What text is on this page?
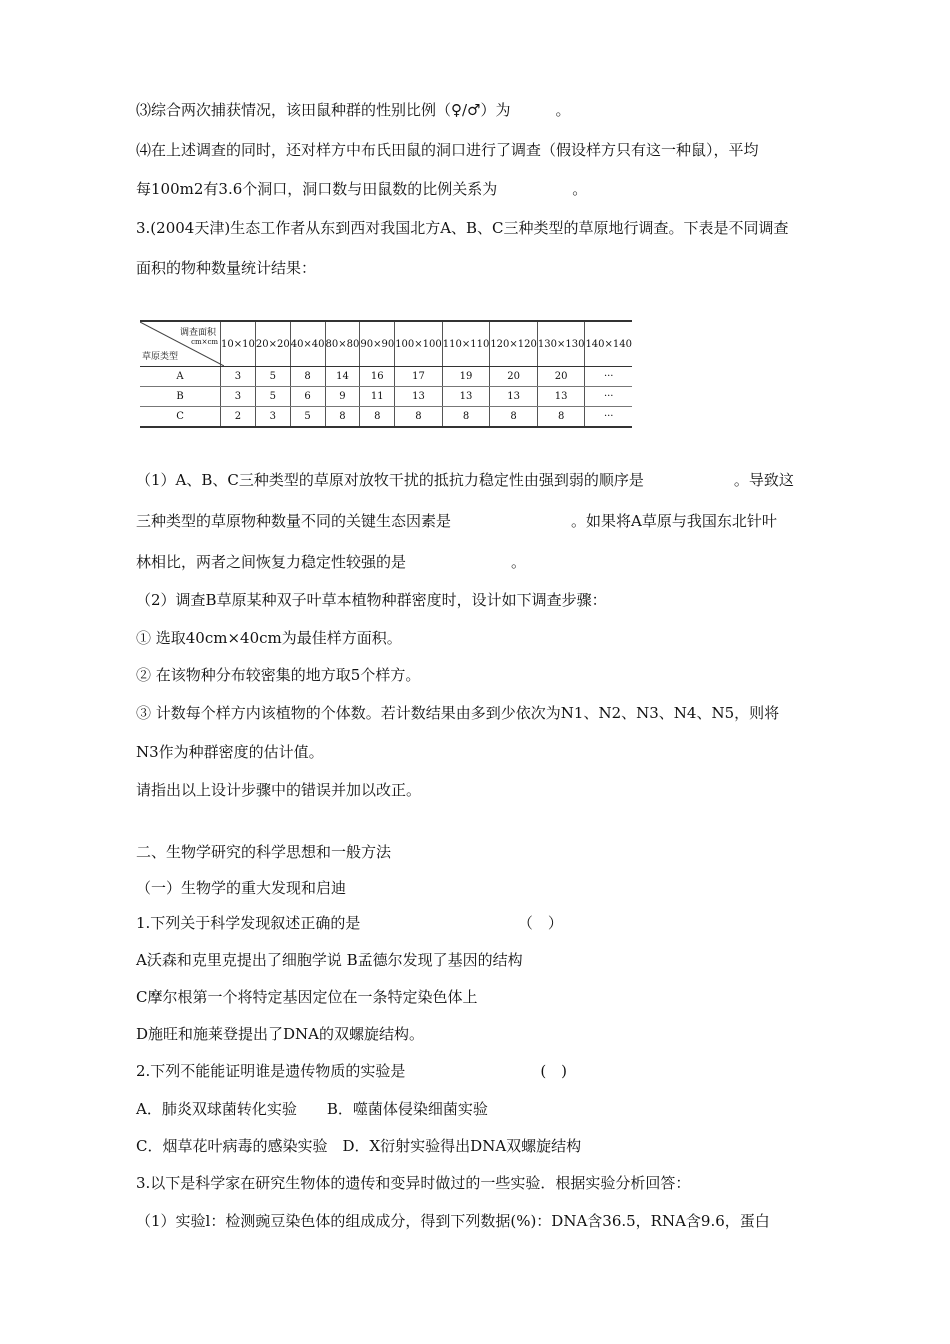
⑶综合两次捕获情况，该田鼠种群的性别比例（♀/♂）为　　　。
⑷在上述调查的同时，还对样方中布氏田鼠的洞口进行了调查（假设样方只有这一种鼠），平均
每100m2有3.6个洞口，洞口数与田鼠数的比例关系为　　　　　。
3.(2004天津)生态工作者从东到西对我国北方A、B、C三种类型的草原地行调查。下表是不同调查
面积的物种数量统计结果：
（1）A、B、C三种类型的草原对放牧干扰的抵抗力稳定性由强到弱的顺序是　　　　　　。导致这
三种类型的草原物种数量不同的关键生态因素是　　　　　　　　。如果将A草原与我国东北针叶
林相比，两者之间恢复力稳定性较强的是　　　　　　　。
（2）调查B草原某种双子叶草本植物种群密度时，设计如下调查步骤：
① 选取40cm×40cm为最佳样方面积。
② 在该物种分布较密集的地方取5个样方。
③ 计数每个样方内该植物的个体数。若计数结果由多到少依次为N1、N2、N3、N4、N5，则将
N3作为种群密度的估计值。
请指出以上设计步骤中的错误并加以改正。
二、生物学研究的科学思想和一般方法
（一）生物学的重大发现和启迪
1.下列关于科学发现叙述正确的是　　　　　　　　　　　（　）
A沃森和克里克提出了细胞学说 B孟德尔发现了基因的结构
C摩尔根第一个将特定基因定位在一条特定染色体上
D施旺和施莱登提出了DNA的双螺旋结构。
2.下列不能能证明谁是遗传物质的实验是　　　　　　　　　(　)
A．肺炎双球菌转化实验　　B．噬菌体侵染细菌实验
C．烟草花叶病毒的感染实验　D．X衍射实验得出DNA双螺旋结构
3.以下是科学家在研究生物体的遗传和变异时做过的一些实验．根据实验分析回答：
（1）实验l：检测豌豆染色体的组成成分，得到下列数据(%)：DNA含36.5，RNA含9.6，蛋白
调查面积
cm×cm
草原类型	10×10	20×20	40×40	80×80	90×90	100×100	110×110	120×120	130×130	140×140
A	3	5	8	14	16	17	19	20	20	···
B	3	5	6	9	11	13	13	13	13	···
C	2	3	5	8	8	8	8	8	8	···
